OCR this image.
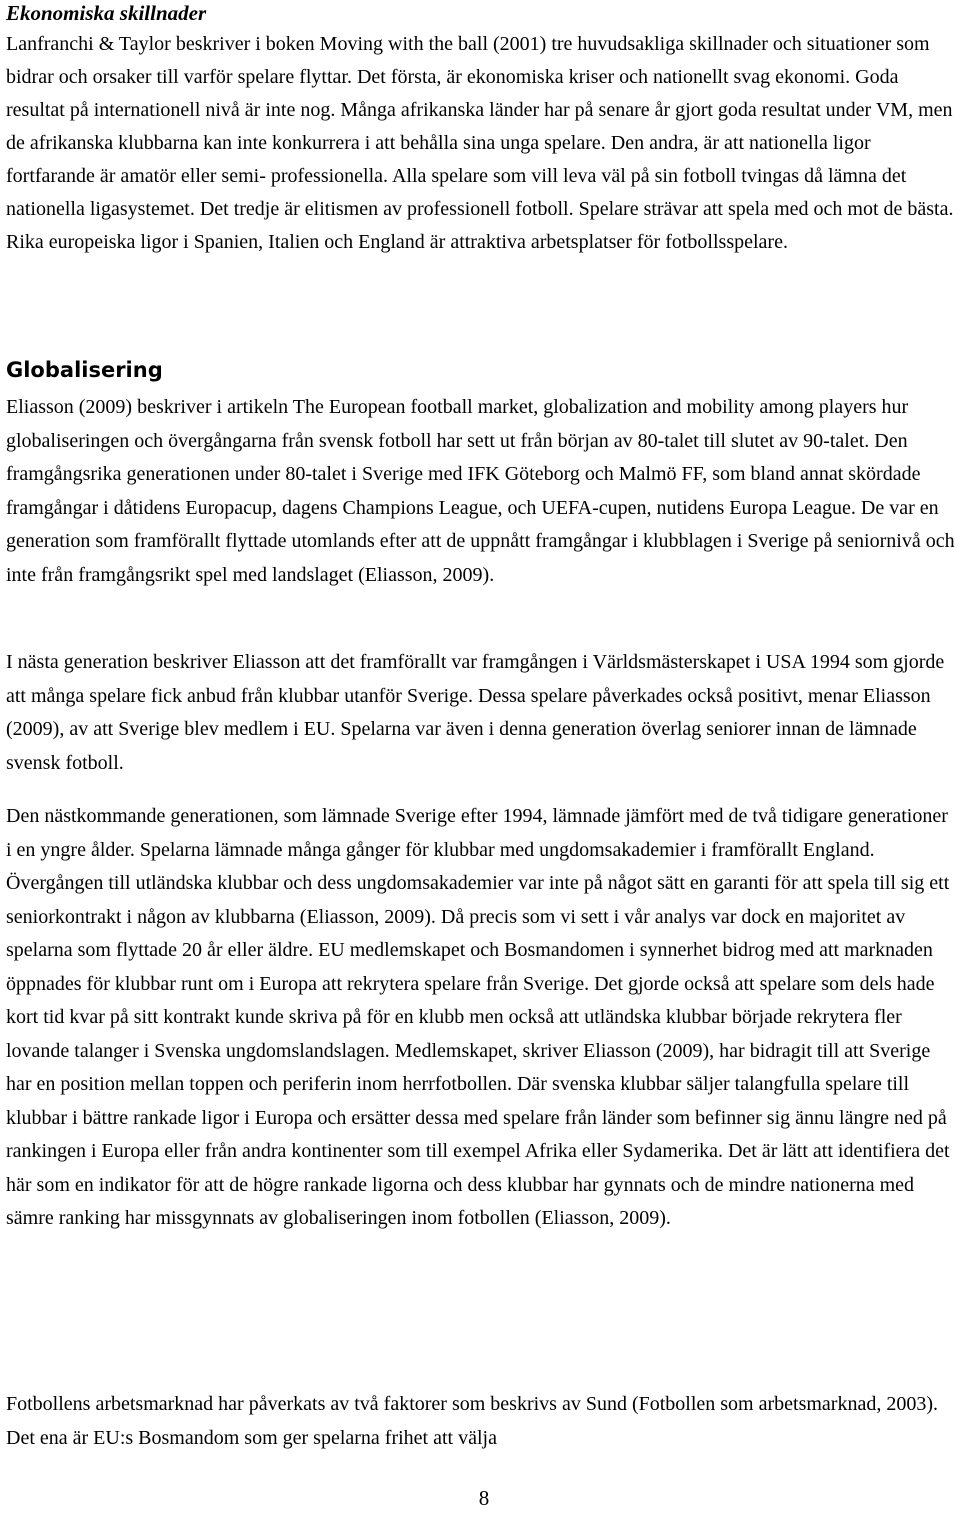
Ekonomiska skillnader

Lanfranchi & Taylor beskriver i boken Moving with the ball (2001) tre huvudsakliga skillnader och situationer som bidrar och orsaker till varför spelare flyttar. Det första, är ekonomiska kriser och nationellt svag ekonomi. Goda resultat på internationell nivå är inte nog. Många afrikanska länder har på senare år gjort goda resultat under VM, men de afrikanska klubbarna kan inte konkurrera i att behålla sina unga spelare. Den andra, är att nationella ligor fortfarande är amatör eller semi- professionella. Alla spelare som vill leva väl på sin fotboll tvingas då lämna det nationella ligasystemet. Det tredje är elitismen av professionell fotboll. Spelare strävar att spela med och mot de bästa. Rika europeiska ligor i Spanien, Italien och England är attraktiva arbetsplatser för fotbollsspelare.

Globalisering

Eliasson (2009) beskriver i artikeln The European football market, globalization and mobility among players hur globaliseringen och övergångarna från svensk fotboll har sett ut från början av 80-talet till slutet av 90-talet. Den framgångsrika generationen under 80-talet i Sverige med IFK Göteborg och Malmö FF, som bland annat skördade framgångar i dåtidens Europacup, dagens Champions League, och UEFA-cupen, nutidens Europa League. De var en generation som framförallt flyttade utomlands efter att de uppnått framgångar i klubblagen i Sverige på seniornivå och inte från framgångsrikt spel med landslaget (Eliasson, 2009).

I nästa generation beskriver Eliasson att det framförallt var framgången i Världsmästerskapet i USA 1994 som gjorde att många spelare fick anbud från klubbar utanför Sverige. Dessa spelare påverkades också positivt, menar Eliasson (2009), av att Sverige blev medlem i EU. Spelarna var även i denna generation överlag seniorer innan de lämnade svensk fotboll.

Den nästkommande generationen, som lämnade Sverige efter 1994, lämnade jämfört med de två tidigare generationer i en yngre ålder. Spelarna lämnade många gånger för klubbar med ungdomsakademier i framförallt England. Övergången till utländska klubbar och dess ungdomsakademier var inte på något sätt en garanti för att spela till sig ett seniorkontrakt i någon av klubbarna (Eliasson, 2009). Då precis som vi sett i vår analys var dock en majoritet av spelarna som flyttade 20 år eller äldre. EU medlemskapet och Bosmandomen i synnerhet bidrog med att marknaden öppnades för klubbar runt om i Europa att rekrytera spelare från Sverige. Det gjorde också att spelare som dels hade kort tid kvar på sitt kontrakt kunde skriva på för en klubb men också att utländska klubbar började rekrytera fler lovande talanger i Svenska ungdomslandslagen. Medlemskapet, skriver Eliasson (2009), har bidragit till att Sverige har en position mellan toppen och periferin inom herrfotbollen. Där svenska klubbar säljer talangfulla spelare till klubbar i bättre rankade ligor i Europa och ersätter dessa med spelare från länder som befinner sig ännu längre ned på rankingen i Europa eller från andra kontinenter som till exempel Afrika eller Sydamerika. Det är lätt att identifiera det här som en indikator för att de högre rankade ligorna och dess klubbar har gynnats och de mindre nationerna med sämre ranking har missgynnats av globaliseringen inom fotbollen (Eliasson, 2009).

Fotbollens arbetsmarknad har påverkats av två faktorer som beskrivs av Sund (Fotbollen som arbetsmarknad, 2003). Det ena är EU:s Bosmandom som ger spelarna frihet att välja

8
